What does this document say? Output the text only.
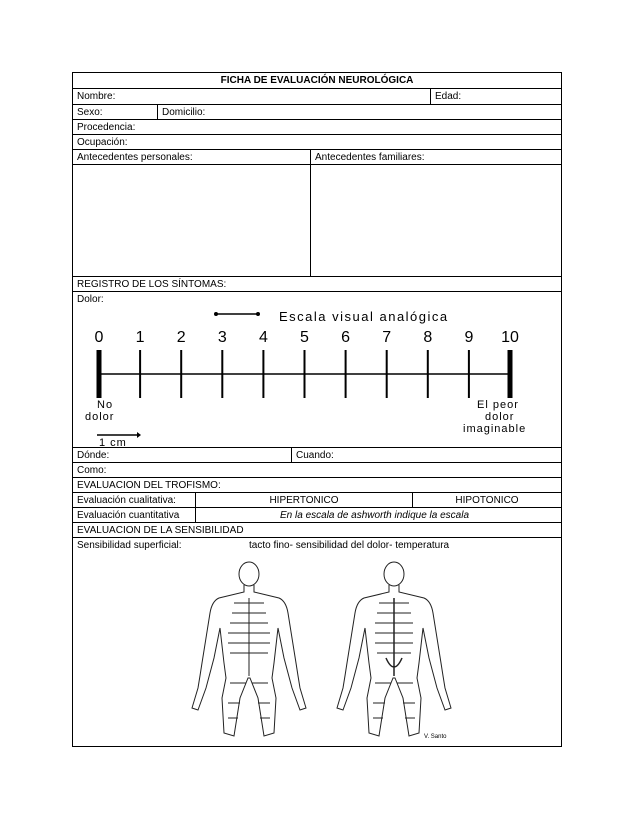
FICHA DE EVALUACIÓN NEUROLÓGICA
Nombre:	Edad:
Sexo:	Domicilio:
Procedencia:
Ocupación:
Antecedentes personales:	Antecedentes familiares:
REGISTRO DE LOS SÍNTOMAS:
Dolor:
Escala visual analógica
0 1 2 3 4 5 6 7 8 9 10
No
dolor
El peor
dolor
imaginable
1 cm
Dónde:	Cuando:
Como:
EVALUACION DEL TROFISMO:
Evaluación cualitativa:	HIPERTONICO	HIPOTONICO
Evaluación cuantitativa	En la escala de ashworth indique la escala
EVALUACION DE LA SENSIBILIDAD
Sensibilidad superficial:	tacto fino- sensibilidad del dolor- temperatura
V. Santo
